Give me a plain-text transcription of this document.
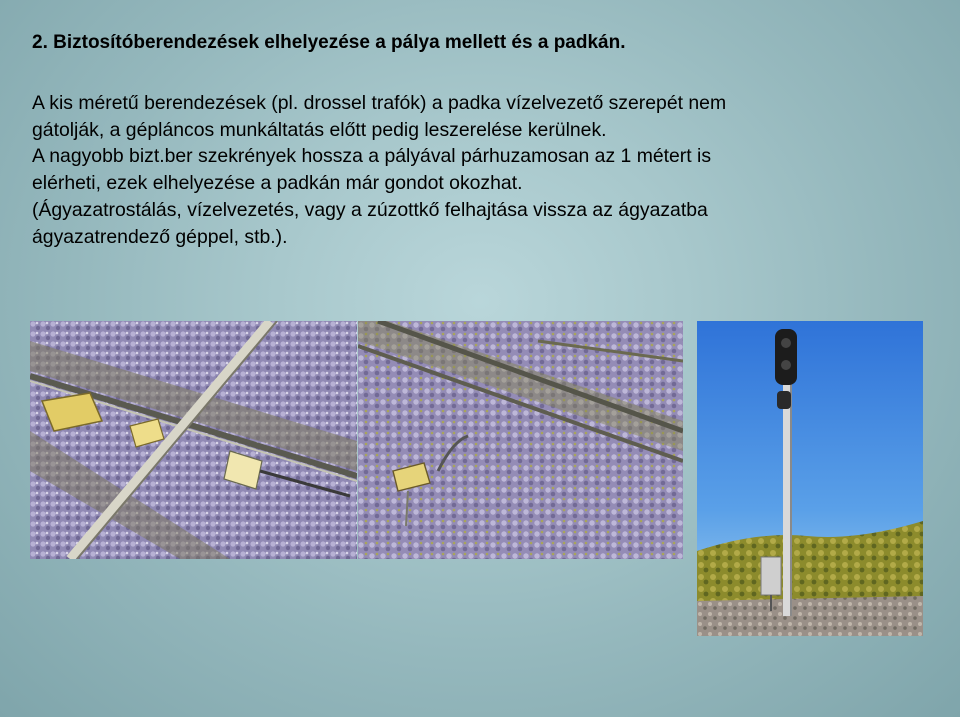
2. Biztosítóberendezések elhelyezése a pálya mellett és a padkán.
A kis méretű berendezések (pl. drossel trafók) a padka vízelvezető szerepét nem
gátolják, a gépláncos munkáltatás előtt pedig leszerelése kerülnek.
A nagyobb bizt.ber szekrények hossza a pályával párhuzamosan az 1 métert is
elérheti, ezek elhelyezése a padkán már gondot okozhat.
(Ágyazatrostálás, vízelvezetés, vagy a zúzottkő felhajtása vissza az ágyazatba
ágyazatrendező géppel, stb.).
